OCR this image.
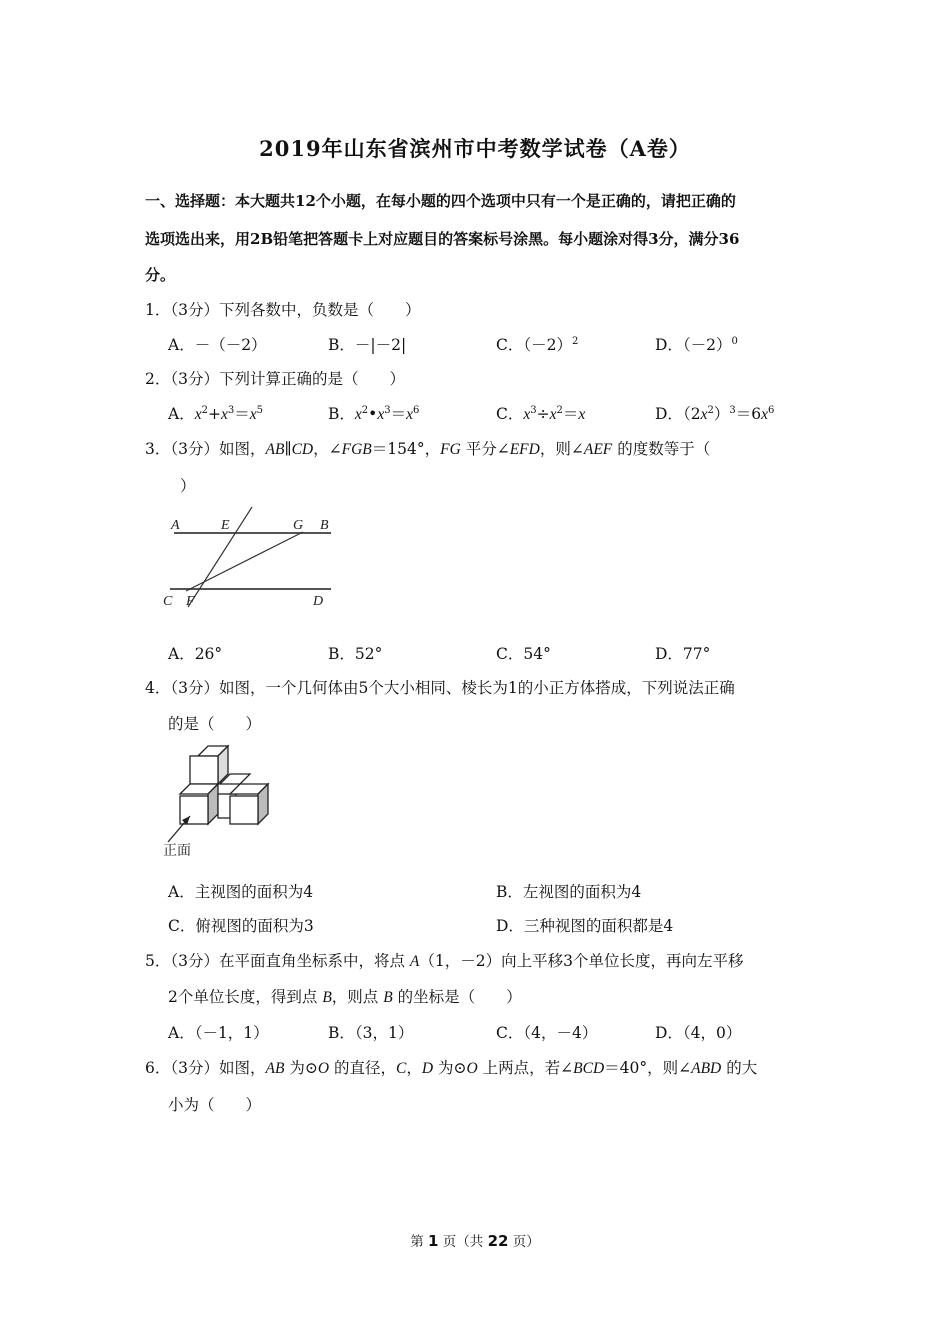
2019年山东省滨州市中考数学试卷（A卷）
一、选择题：本大题共12个小题，在每小题的四个选项中只有一个是正确的，请把正确的
选项选出来，用2B铅笔把答题卡上对应题目的答案标号涂黑。每小题涂对得3分，满分36
分。
1．（3分）下列各数中，负数是（　　）
A．－（－2）	B．－|－2|	C．$(-2)^2$	D．$(-2)^0$
2．（3分）下列计算正确的是（　　）
A．$x^2+x^3=x^5$	B．$x^2•x^3=x^6$	C．$x^3\div x^2=x$	D．$(2x^2)^3=6x^6$
3．（3分）如图，AB∥CD，∠FGB＝154°，FG 平分∠EFD，则∠AEF 的度数等于（
）
A	E	G B
C F	D
A．26°	B．52°	C．54°	D．77°
4．（3分）如图，一个几何体由5个大小相同、棱长为1的小正方体搭成，下列说法正确
的是（　　）
正面
A．主视图的面积为4	B．左视图的面积为4
C．俯视图的面积为3	D．三种视图的面积都是4
5．（3分）在平面直角坐标系中，将点 A（1，－2）向上平移3个单位长度，再向左平移
2个单位长度，得到点 B，则点 B 的坐标是（　　）
A．（－1，1）	B．（3，1）	C．（4，－4）	D．（4，0）
6．（3分）如图，AB 为⊙O 的直径，C，D 为⊙O 上两点，若∠BCD＝40°，则∠ABD 的大
小为（　　）
第 1 页（共 22 页）
